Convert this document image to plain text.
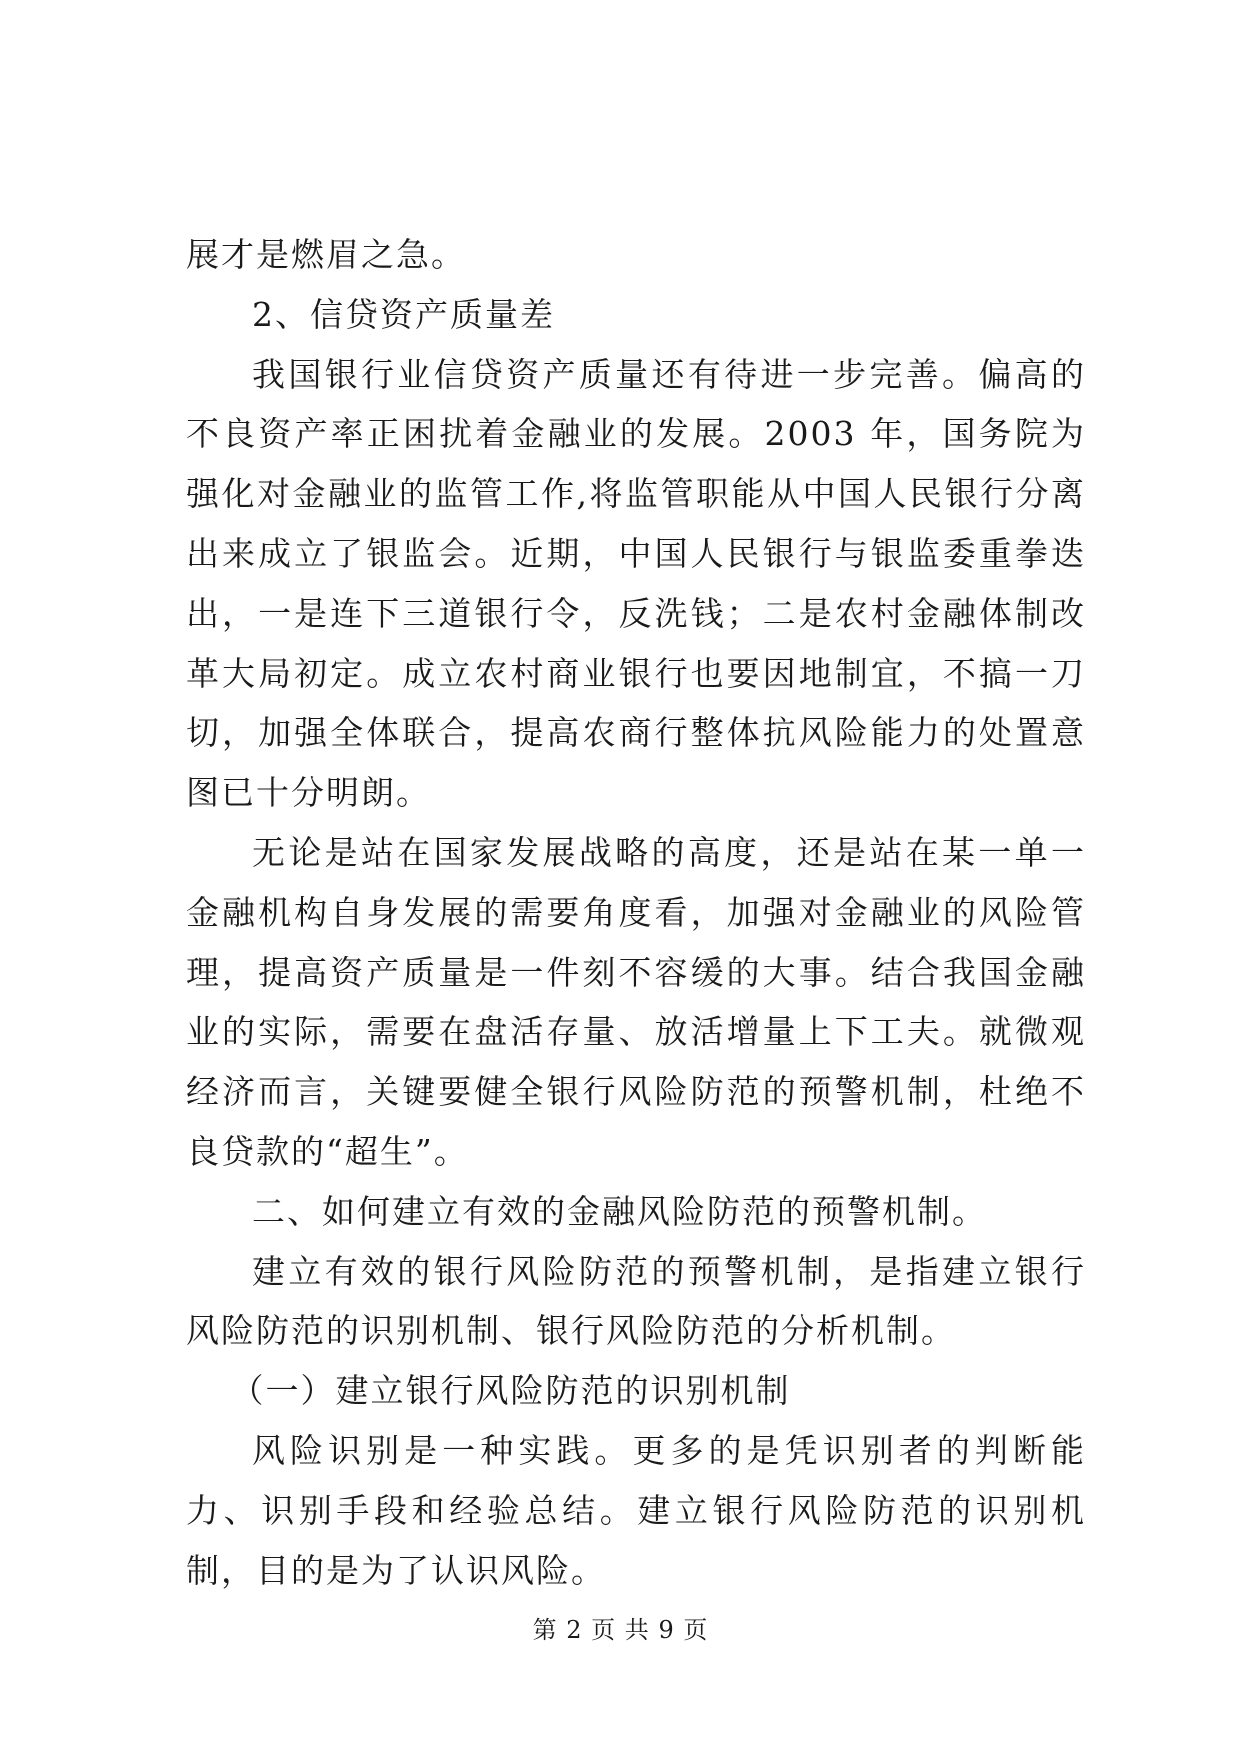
展才是燃眉之急。

2、信贷资产质量差

我国银行业信贷资产质量还有待进一步完善。偏高的不良资产率正困扰着金融业的发展。2003 年，国务院为强化对金融业的监管工作,将监管职能从中国人民银行分离出来成立了银监会。近期，中国人民银行与银监委重拳迭出，一是连下三道银行令，反洗钱；二是农村金融体制改革大局初定。成立农村商业银行也要因地制宜，不搞一刀切，加强全体联合，提高农商行整体抗风险能力的处置意图已十分明朗。

无论是站在国家发展战略的高度，还是站在某一单一金融机构自身发展的需要角度看，加强对金融业的风险管理，提高资产质量是一件刻不容缓的大事。结合我国金融业的实际，需要在盘活存量、放活增量上下工夫。就微观经济而言，关键要健全银行风险防范的预警机制，杜绝不良贷款的“超生”。

二、如何建立有效的金融风险防范的预警机制。

建立有效的银行风险防范的预警机制，是指建立银行风险防范的识别机制、银行风险防范的分析机制。

（一）建立银行风险防范的识别机制

风险识别是一种实践。更多的是凭识别者的判断能力、识别手段和经验总结。建立银行风险防范的识别机制，目的是为了认识风险。

第 2 页 共 9 页
